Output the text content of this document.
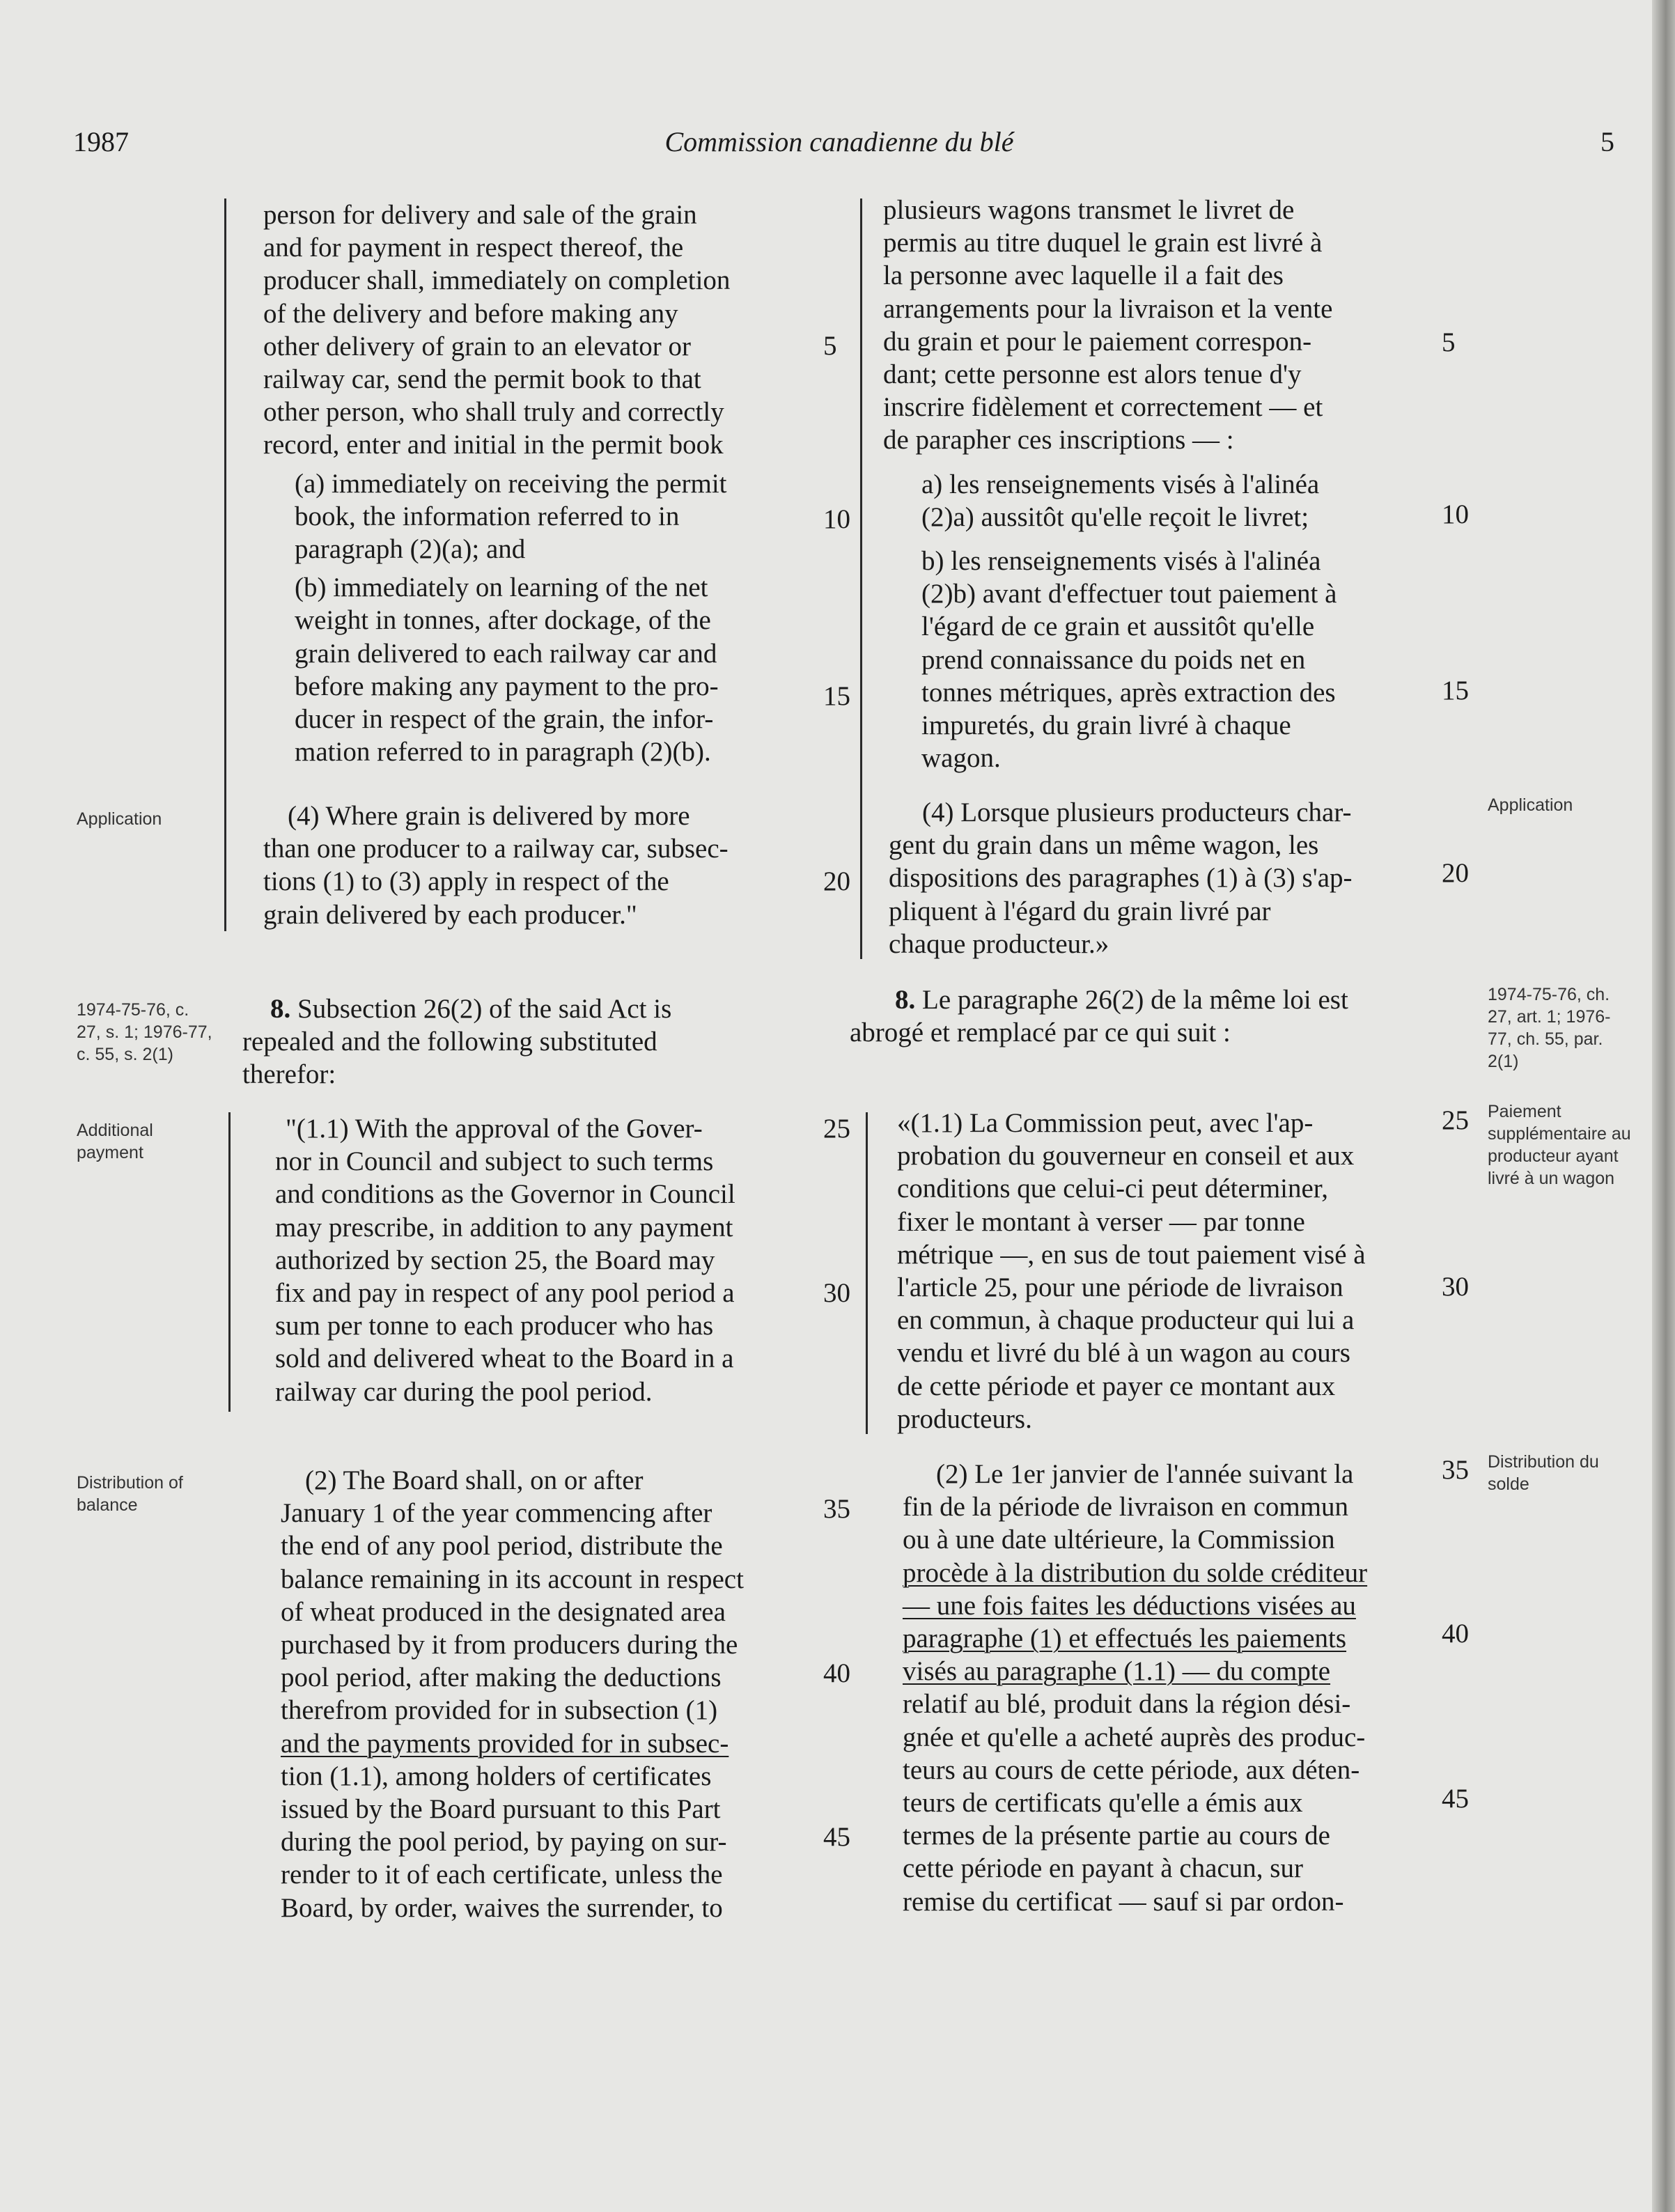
1987	Commission canadienne du blé	5
Application
1974-75-76, c. 27, s. 1; 1976-77, c. 55, s. 2(1)
Additional payment
Distribution of balance
Application
1974-75-76, ch. 27, art. 1; 1976-77, ch. 55, par. 2(1)
Paiement supplémentaire au producteur ayant livré à un wagon
Distribution du solde
person for delivery and sale of the grain
and for payment in respect thereof, the
producer shall, immediately on completion
of the delivery and before making any
other delivery of grain to an elevator or
railway car, send the permit book to that
other person, who shall truly and correctly
record, enter and initial in the permit book
(a) immediately on receiving the permit
book, the information referred to in
paragraph (2)(a); and
(b) immediately on learning of the net
weight in tonnes, after dockage, of the
grain delivered to each railway car and
before making any payment to the pro-
ducer in respect of the grain, the infor-
mation referred to in paragraph (2)(b).
(4) Where grain is delivered by more
than one producer to a railway car, subsec-
tions (1) to (3) apply in respect of the
grain delivered by each producer."
8. Subsection 26(2) of the said Act is
repealed and the following substituted
therefor:
"(1.1) With the approval of the Gover-
nor in Council and subject to such terms
and conditions as the Governor in Council
may prescribe, in addition to any payment
authorized by section 25, the Board may
fix and pay in respect of any pool period a
sum per tonne to each producer who has
sold and delivered wheat to the Board in a
railway car during the pool period.
(2) The Board shall, on or after
January 1 of the year commencing after
the end of any pool period, distribute the
balance remaining in its account in respect
of wheat produced in the designated area
purchased by it from producers during the
pool period, after making the deductions
therefrom provided for in subsection (1)
and the payments provided for in subsec-
tion (1.1), among holders of certificates
issued by the Board pursuant to this Part
during the pool period, by paying on sur-
render to it of each certificate, unless the
Board, by order, waives the surrender, to
5
10
15
20
25
30
35
40
45
plusieurs wagons transmet le livret de
permis au titre duquel le grain est livré à
la personne avec laquelle il a fait des
arrangements pour la livraison et la vente
du grain et pour le paiement correspon-
dant; cette personne est alors tenue d'y
inscrire fidèlement et correctement — et
de parapher ces inscriptions — :
a) les renseignements visés à l'alinéa
(2)a) aussitôt qu'elle reçoit le livret;
b) les renseignements visés à l'alinéa
(2)b) avant d'effectuer tout paiement à
l'égard de ce grain et aussitôt qu'elle
prend connaissance du poids net en
tonnes métriques, après extraction des
impuretés, du grain livré à chaque
wagon.
(4) Lorsque plusieurs producteurs char-
gent du grain dans un même wagon, les
dispositions des paragraphes (1) à (3) s'ap-
pliquent à l'égard du grain livré par
chaque producteur.»
8. Le paragraphe 26(2) de la même loi est
abrogé et remplacé par ce qui suit :
«(1.1) La Commission peut, avec l'ap-
probation du gouverneur en conseil et aux
conditions que celui-ci peut déterminer,
fixer le montant à verser — par tonne
métrique —, en sus de tout paiement visé à
l'article 25, pour une période de livraison
en commun, à chaque producteur qui lui a
vendu et livré du blé à un wagon au cours
de cette période et payer ce montant aux
producteurs.
(2) Le 1er janvier de l'année suivant la
fin de la période de livraison en commun
ou à une date ultérieure, la Commission
procède à la distribution du solde créditeur
— une fois faites les déductions visées au
paragraphe (1) et effectués les paiements
visés au paragraphe (1.1) — du compte
relatif au blé, produit dans la région dési-
gnée et qu'elle a acheté auprès des produc-
teurs au cours de cette période, aux déten-
teurs de certificats qu'elle a émis aux
termes de la présente partie au cours de
cette période en payant à chacun, sur
remise du certificat — sauf si par ordon-
5
10
15
20
25
30
35
40
45
